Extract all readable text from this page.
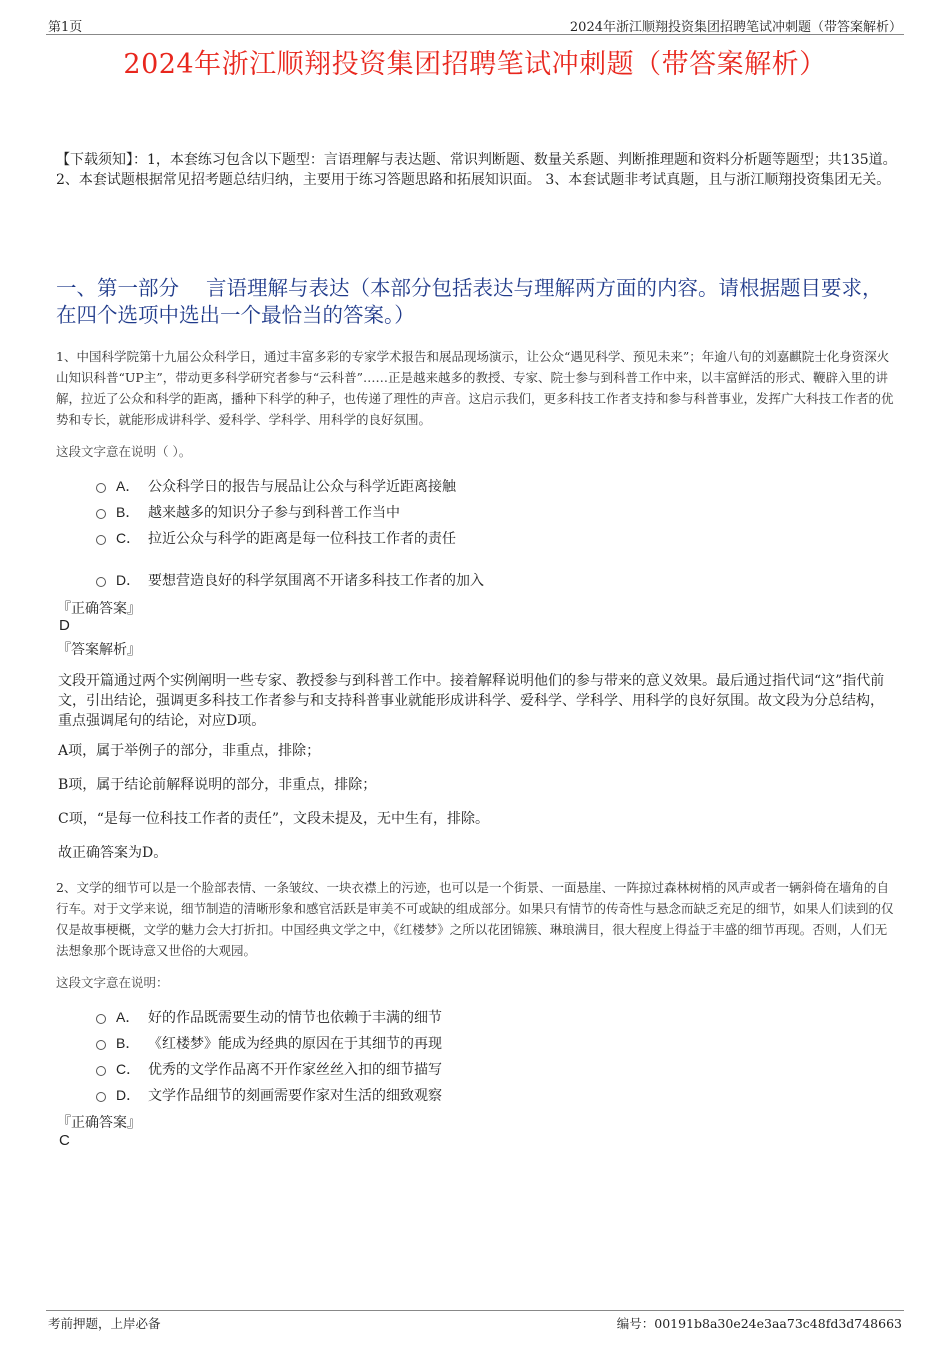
第1页	2024年浙江顺翔投资集团招聘笔试冲刺题（带答案解析）
2024年浙江顺翔投资集团招聘笔试冲刺题（带答案解析）
【下载须知】：1，本套练习包含以下题型：言语理解与表达题、常识判断题、数量关系题、判断推理题和资料分析题等题型；共135道。 2、本套试题根据常见招考题总结归纳，主要用于练习答题思路和拓展知识面。 3、本套试题非考试真题，且与浙江顺翔投资集团无关。
一、第一部分　 言语理解与表达（本部分包括表达与理解两方面的内容。请根据题目要求，在四个选项中选出一个最恰当的答案。）
1、中国科学院第十九届公众科学日，通过丰富多彩的专家学术报告和展品现场演示，让公众“遇见科学、预见未来”；年逾八旬的刘嘉麒院士化身资深火山知识科普“UP主”，带动更多科学研究者参与“云科普”……正是越来越多的教授、专家、院士参与到科普工作中来，以丰富鲜活的形式、鞭辟入里的讲解，拉近了公众和科学的距离，播种下科学的种子，也传递了理性的声音。这启示我们，更多科技工作者支持和参与科普事业，发挥广大科技工作者的优势和专长，就能形成讲科学、爱科学、学科学、用科学的良好氛围。
这段文字意在说明（ ）。
A． 公众科学日的报告与展品让公众与科学近距离接触
B． 越来越多的知识分子参与到科普工作当中
C． 拉近公众与科学的距离是每一位科技工作者的责任
D． 要想营造良好的科学氛围离不开诸多科技工作者的加入
『正确答案』
D
『答案解析』
文段开篇通过两个实例阐明一些专家、教授参与到科普工作中。接着解释说明他们的参与带来的意义效果。最后通过指代词“这”指代前文，引出结论，强调更多科技工作者参与和支持科普事业就能形成讲科学、爱科学、学科学、用科学的良好氛围。故文段为分总结构，重点强调尾句的结论，对应D项。
A项，属于举例子的部分，非重点，排除；
B项，属于结论前解释说明的部分，非重点，排除；
C项，“是每一位科技工作者的责任”，文段未提及，无中生有，排除。
故正确答案为D。
2、文学的细节可以是一个脸部表情、一条皱纹、一块衣襟上的污迹，也可以是一个街景、一面悬崖、一阵掠过森林树梢的风声或者一辆斜倚在墙角的自行车。对于文学来说，细节制造的清晰形象和感官活跃是审美不可或缺的组成部分。如果只有情节的传奇性与悬念而缺乏充足的细节，如果人们读到的仅仅是故事梗概，文学的魅力会大打折扣。中国经典文学之中，《红楼梦》之所以花团锦簇、琳琅满目，很大程度上得益于丰盛的细节再现。否则，人们无法想象那个既诗意又世俗的大观园。
这段文字意在说明：
A． 好的作品既需要生动的情节也依赖于丰满的细节
B． 《红楼梦》能成为经典的原因在于其细节的再现
C． 优秀的文学作品离不开作家丝丝入扣的细节描写
D． 文学作品细节的刻画需要作家对生活的细致观察
『正确答案』
C
考前押题，上岸必备	编号：00191b8a30e24e3aa73c48fd3d748663
